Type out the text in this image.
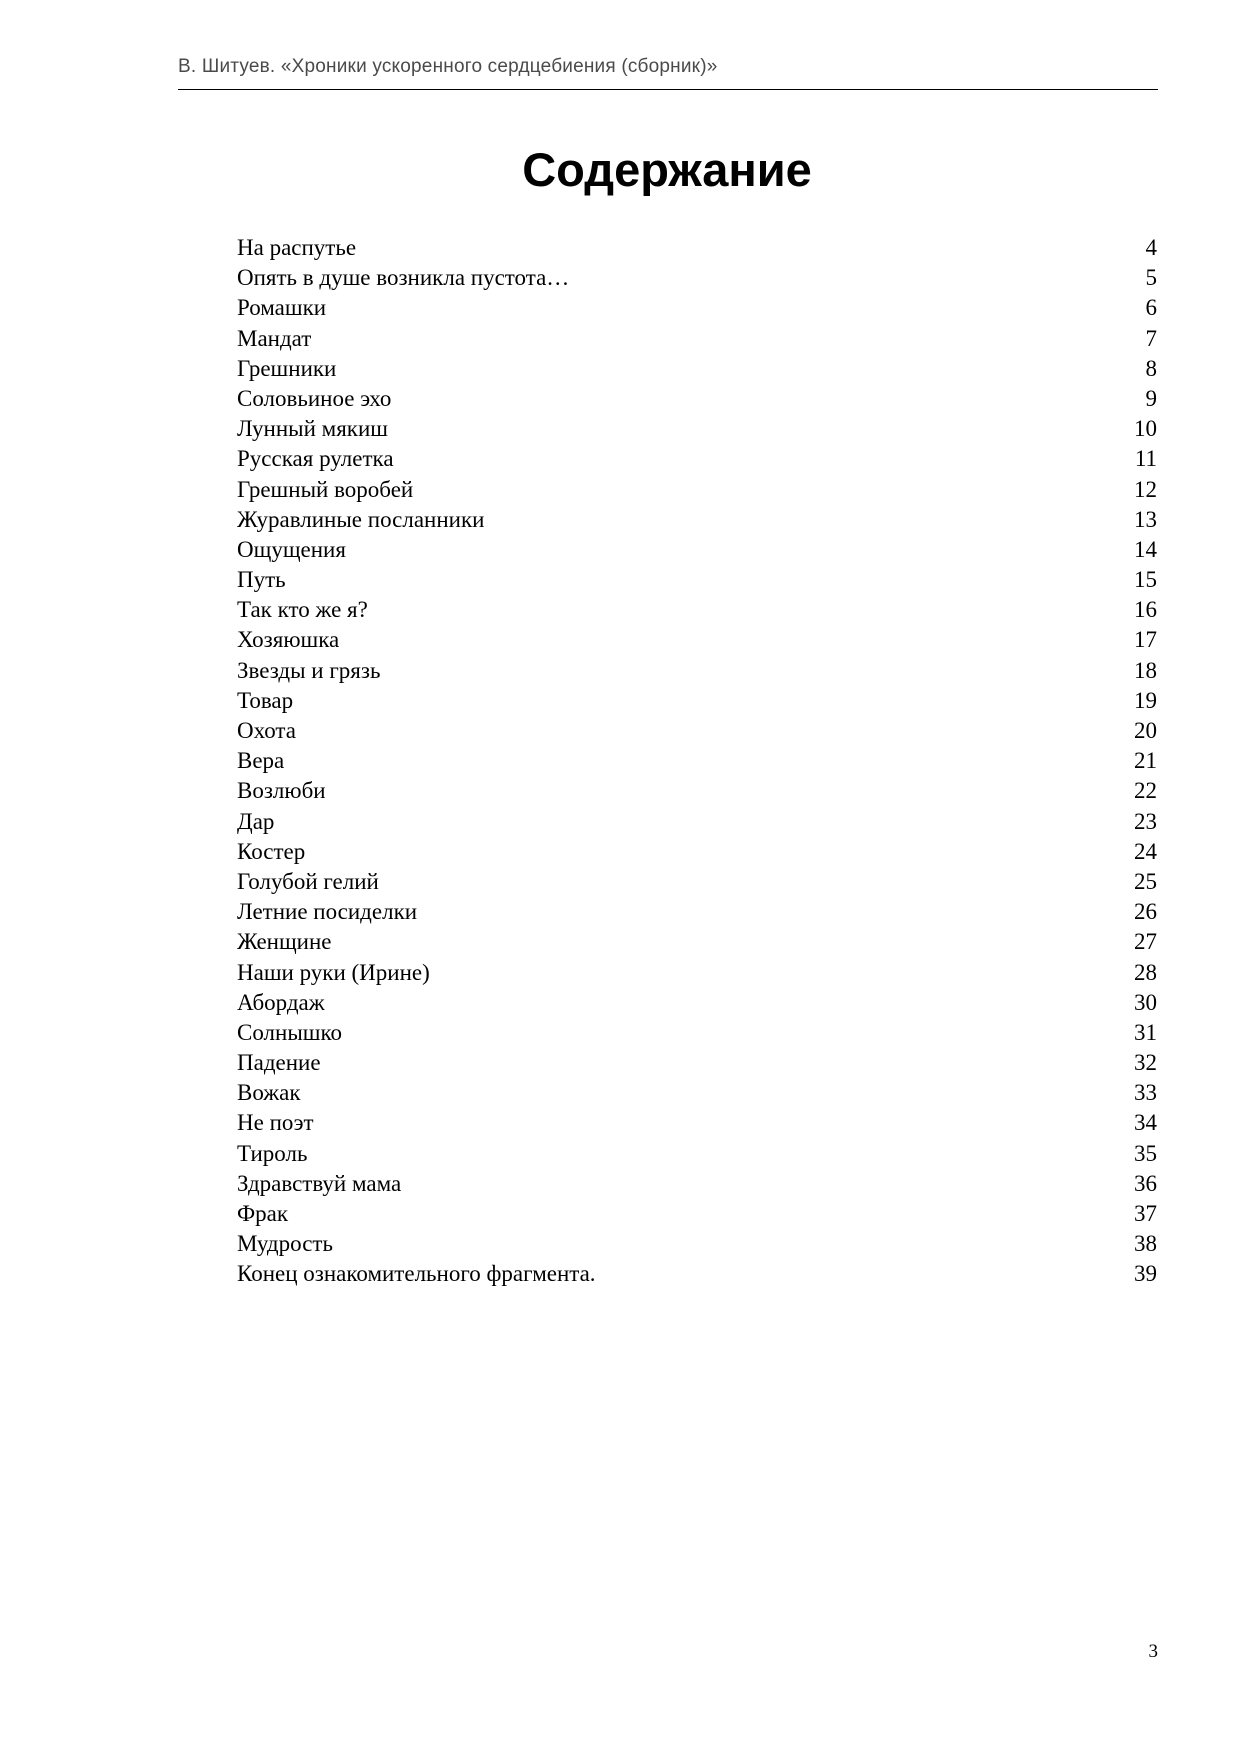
В. Шитуев. «Хроники ускоренного сердцебиения (сборник)»
Содержание
На распутье	4
Опять в душе возникла пустота…	5
Ромашки	6
Мандат	7
Грешники	8
Соловьиное эхо	9
Лунный мякиш	10
Русская рулетка	11
Грешный воробей	12
Журавлиные посланники	13
Ощущения	14
Путь	15
Так кто же я?	16
Хозяюшка	17
Звезды и грязь	18
Товар	19
Охота	20
Вера	21
Возлюби	22
Дар	23
Костер	24
Голубой гелий	25
Летние посиделки	26
Женщине	27
Наши руки (Ирине)	28
Абордаж	30
Солнышко	31
Падение	32
Вожак	33
Не поэт	34
Тироль	35
Здравствуй мама	36
Фрак	37
Мудрость	38
Конец ознакомительного фрагмента.	39
3
